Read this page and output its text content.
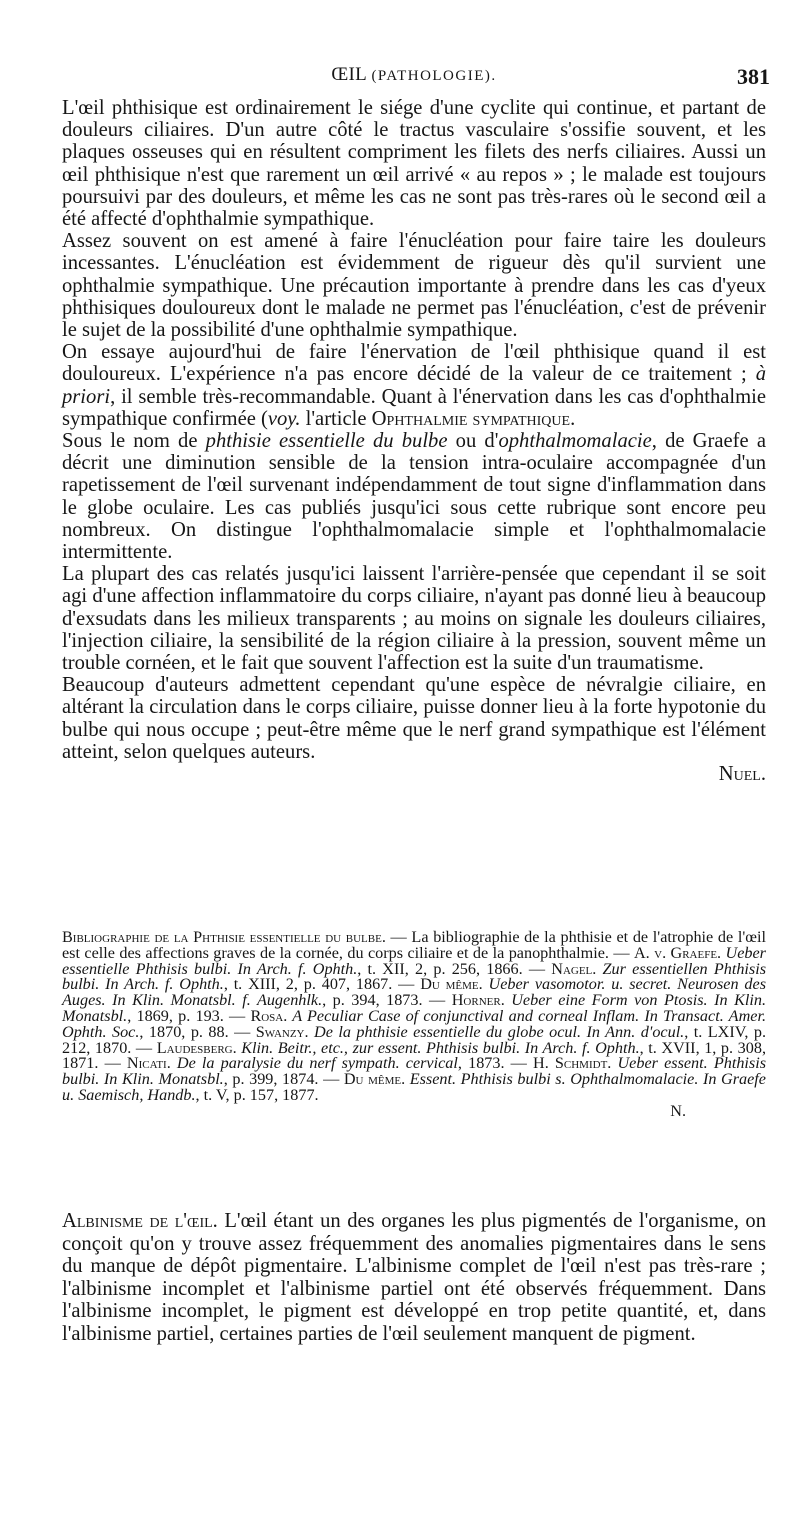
ŒIL (PATHOLOGIE).	381

L'œil phthisique est ordinairement le siége d'une cyclite qui continue, et partant de douleurs ciliaires. D'un autre côté le tractus vasculaire s'ossifie souvent, et les plaques osseuses qui en résultent compriment les filets des nerfs ciliaires. Aussi un œil phthisique n'est que rarement un œil arrivé « au repos » ; le malade est toujours poursuivi par des douleurs, et même les cas ne sont pas très-rares où le second œil a été affecté d'ophthalmie sympathique.

Assez souvent on est amené à faire l'énucléation pour faire taire les douleurs incessantes. L'énucléation est évidemment de rigueur dès qu'il survient une ophthalmie sympathique. Une précaution importante à prendre dans les cas d'yeux phthisiques douloureux dont le malade ne permet pas l'énucléation, c'est de prévenir le sujet de la possibilité d'une ophthalmie sympathique.

On essaye aujourd'hui de faire l'énervation de l'œil phthisique quand il est douloureux. L'expérience n'a pas encore décidé de la valeur de ce traitement ; à priori, il semble très-recommandable. Quant à l'énervation dans les cas d'ophthalmie sympathique confirmée (voy. l'article Ophthalmie sympathique.

Sous le nom de phthisie essentielle du bulbe ou d'ophthalmomalacie, de Graefe a décrit une diminution sensible de la tension intra-oculaire accompagnée d'un rapetissement de l'œil survenant indépendamment de tout signe d'inflammation dans le globe oculaire. Les cas publiés jusqu'ici sous cette rubrique sont encore peu nombreux. On distingue l'ophthalmomalacie simple et l'ophthalmomalacie intermittente.

La plupart des cas relatés jusqu'ici laissent l'arrière-pensée que cependant il se soit agi d'une affection inflammatoire du corps ciliaire, n'ayant pas donné lieu à beaucoup d'exsudats dans les milieux transparents ; au moins on signale les douleurs ciliaires, l'injection ciliaire, la sensibilité de la région ciliaire à la pression, souvent même un trouble cornéen, et le fait que souvent l'affection est la suite d'un traumatisme.

Beaucoup d'auteurs admettent cependant qu'une espèce de névralgie ciliaire, en altérant la circulation dans le corps ciliaire, puisse donner lieu à la forte hypotonie du bulbe qui nous occupe ; peut-être même que le nerf grand sympathique est l'élément atteint, selon quelques auteurs.

Nuel.

Bibliographie de la Phthisie essentielle du bulbe. — La bibliographie de la phthisie et de l'atrophie de l'œil est celle des affections graves de la cornée, du corps ciliaire et de la panophthalmie. — A. v. Graefe. Ueber essentielle Phthisis bulbi. In Arch. f. Ophth., t. XII, 2, p. 256, 1866. — Nagel. Zur essentiellen Phthisis bulbi. In Arch. f. Ophth., t. XIII, 2, p. 407, 1867. — Du même. Ueber vasomotor. u. secret. Neurosen des Auges. In Klin. Monatsbl. f. Augenhlk., p. 394, 1873. — Horner. Ueber eine Form von Ptosis. In Klin. Monatsbl., 1869, p. 193. — Rosa. A Peculiar Case of conjunctival and corneal Inflam. In Transact. Amer. Ophth. Soc., 1870, p. 88. — Swanzy. De la phthisie essentielle du globe ocul. In Ann. d'ocul., t. LXIV, p. 212, 1870. — Laudesberg. Klin. Beitr., etc., zur essent. Phthisis bulbi. In Arch. f. Ophth., t. XVII, 1, p. 308, 1871. — Nicati. De la paralysie du nerf sympath. cervical, 1873. — H. Schmidt. Ueber essent. Phthisis bulbi. In Klin. Monatsbl., p. 399, 1874. — Du même. Essent. Phthisis bulbi s. Ophthalmomalacie. In Graefe u. Saemisch, Handb., t. V, p. 157, 1877.

N.

Albinisme de l'œil. L'œil étant un des organes les plus pigmentés de l'organisme, on conçoit qu'on y trouve assez fréquemment des anomalies pigmentaires dans le sens du manque de dépôt pigmentaire. L'albinisme complet de l'œil n'est pas très-rare ; l'albinisme incomplet et l'albinisme partiel ont été observés fréquemment. Dans l'albinisme incomplet, le pigment est développé en trop petite quantité, et, dans l'albinisme partiel, certaines parties de l'œil seulement manquent de pigment.
